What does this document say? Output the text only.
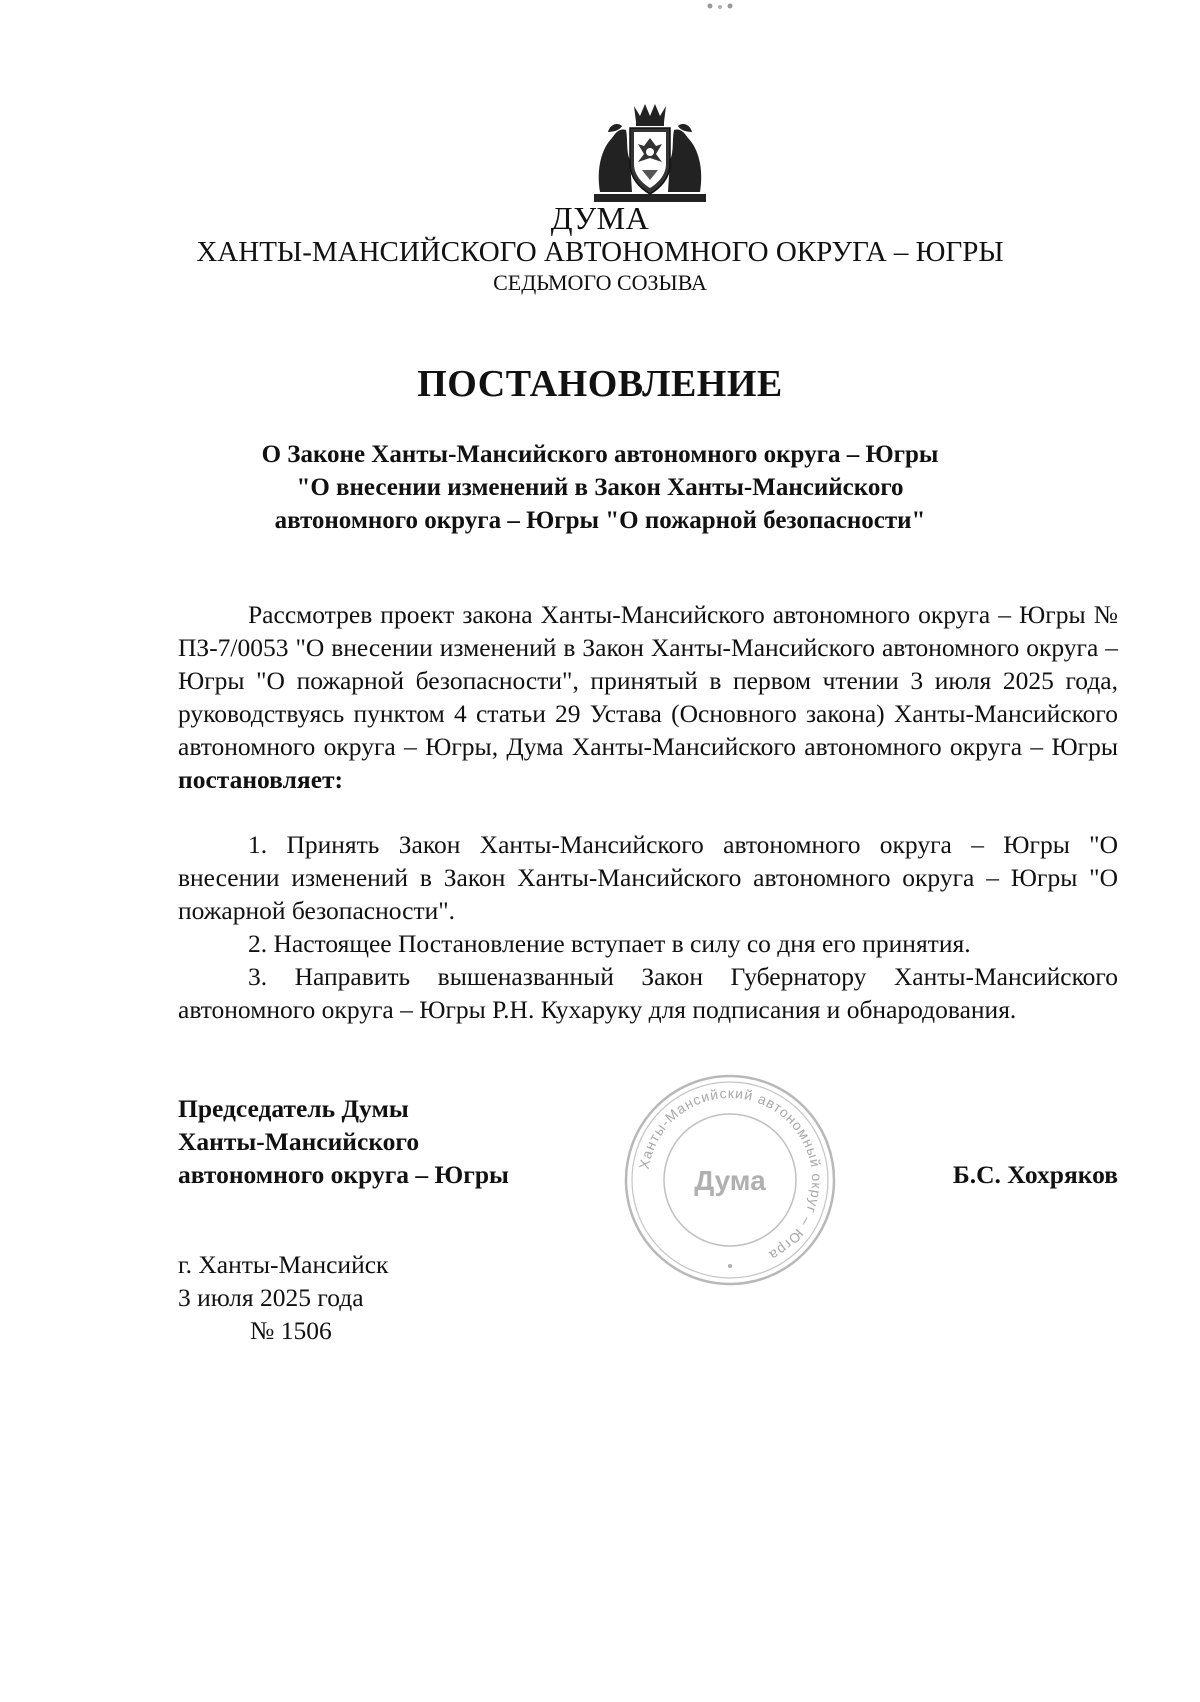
ДУМА
ХАНТЫ-МАНСИЙСКОГО АВТОНОМНОГО ОКРУГА – ЮГРЫ
СЕДЬМОГО СОЗЫВА
ПОСТАНОВЛЕНИЕ
О Законе Ханты-Мансийского автономного округа – Югры
"О внесении изменений в Закон Ханты-Мансийского
автономного округа – Югры "О пожарной безопасности"

Рассмотрев проект закона Ханты-Мансийского автономного округа – Югры № ПЗ-7/0053 "О внесении изменений в Закон Ханты-Мансийского автономного округа – Югры "О пожарной безопасности", принятый в первом чтении 3 июля 2025 года, руководствуясь пунктом 4 статьи 29 Устава (Основного закона) Ханты-Мансийского автономного округа – Югры, Дума Ханты-Мансийского автономного округа – Югры постановляет:

1. Принять Закон Ханты-Мансийского автономного округа – Югры "О внесении изменений в Закон Ханты-Мансийского автономного округа – Югры "О пожарной безопасности".

2. Настоящее Постановление вступает в силу со дня его принятия.

3. Направить вышеназванный Закон Губернатору Ханты-Мансийского автономного округа – Югры Р.Н. Кухаруку для подписания и обнародования.

Председатель Думы
Ханты-Мансийского
автономного округа – Югры	Ханты-Мансийский автономный округ – Югра
Дума	Б.С. Хохряков
г. Ханты-Мансийск
3 июля 2025 года
№ 1506
